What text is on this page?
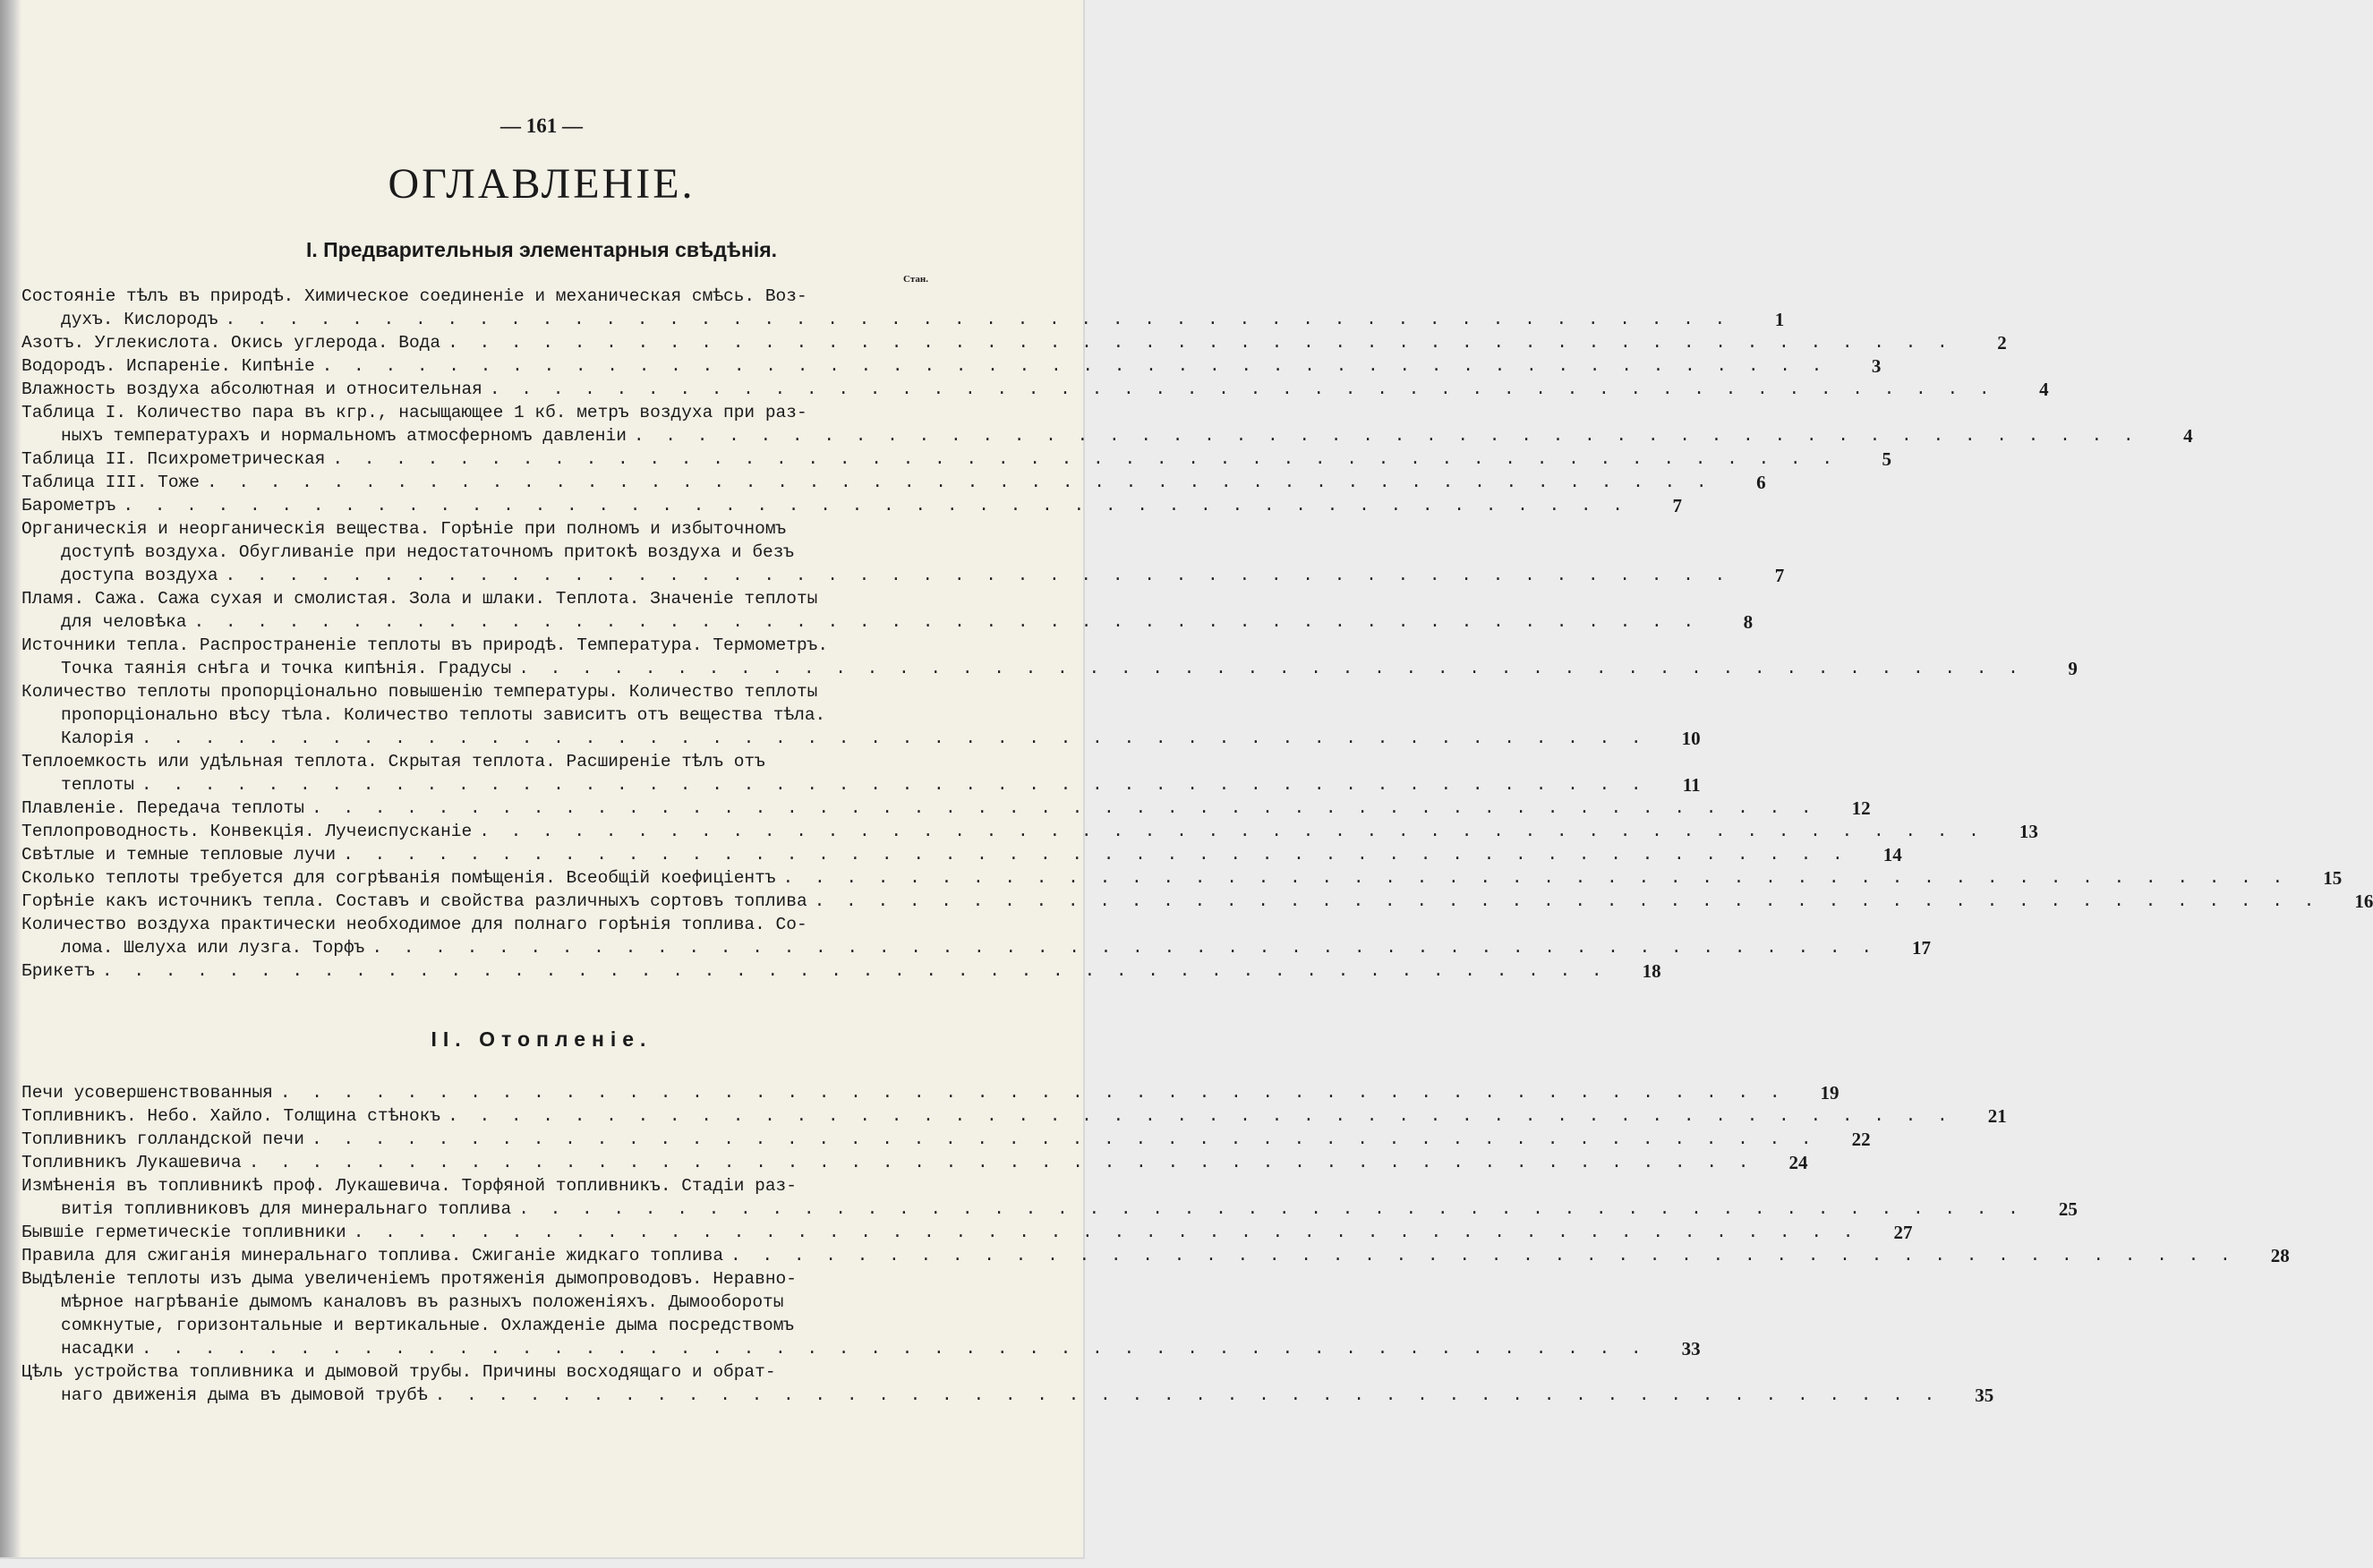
— 161 —
ОГЛАВЛЕНІЕ.
I. Предварительныя элементарныя свѣдѣнія.
Стан.
Состояніе тѣлъ въ природѣ. Химическое соединеніе и механическая смѣсь. Воз-
духъ. Кислородъ . . . . . . . . . . . . . . . . . . . . . . . . . . . . . . . . . . . . . . . . . . . . . . . .	1
Азотъ. Углекислота. Окись углерода. Вода . . . . . . . . . . . . . . . . . . . . . . . . . . . . . . . . . . . . . . . . . . . . . . . .	2
Водородъ. Испареніе. Кипѣніе . . . . . . . . . . . . . . . . . . . . . . . . . . . . . . . . . . . . . . . . . . . . . . . .	3
Влажность воздуха абсолютная и относительная . . . . . . . . . . . . . . . . . . . . . . . . . . . . . . . . . . . . . . . . . . . . . . . .	4
Таблица I. Количество пара въ кгр., насыщающее 1 кб. метръ воздуха при раз-
ныхъ температурахъ и нормальномъ атмосферномъ давленіи . . . . . . . . . . . . . . . . . . . . . . . . . . . . . . . . . . . . . . . . . . . . . . . .	4
Таблица II. Психрометрическая . . . . . . . . . . . . . . . . . . . . . . . . . . . . . . . . . . . . . . . . . . . . . . . .	5
Таблица III. Тоже . . . . . . . . . . . . . . . . . . . . . . . . . . . . . . . . . . . . . . . . . . . . . . . .	6
Барометръ . . . . . . . . . . . . . . . . . . . . . . . . . . . . . . . . . . . . . . . . . . . . . . . .	7
Органическія и неорганическія вещества. Горѣніе при полномъ и избыточномъ
доступѣ воздуха. Обугливаніе при недостаточномъ притокѣ воздуха и безъ
доступа воздуха . . . . . . . . . . . . . . . . . . . . . . . . . . . . . . . . . . . . . . . . . . . . . . . .	7
Пламя. Сажа. Сажа сухая и смолистая. Зола и шлаки. Теплота. Значеніе теплоты
для человѣка . . . . . . . . . . . . . . . . . . . . . . . . . . . . . . . . . . . . . . . . . . . . . . . .	8
Источники тепла. Распространеніе теплоты въ природѣ. Температура. Термометръ.
Точка таянія снѣга и точка кипѣнія. Градусы . . . . . . . . . . . . . . . . . . . . . . . . . . . . . . . . . . . . . . . . . . . . . . . .	9
Количество теплоты пропорціонально повышенію температуры. Количество теплоты
пропорціонально вѣсу тѣла. Количество теплоты зависитъ отъ вещества тѣла.
Калорія . . . . . . . . . . . . . . . . . . . . . . . . . . . . . . . . . . . . . . . . . . . . . . . .	10
Теплоемкость или удѣльная теплота. Скрытая теплота. Расширеніе тѣлъ отъ
теплоты . . . . . . . . . . . . . . . . . . . . . . . . . . . . . . . . . . . . . . . . . . . . . . . .	11
Плавленіе. Передача теплоты . . . . . . . . . . . . . . . . . . . . . . . . . . . . . . . . . . . . . . . . . . . . . . . .	12
Теплопроводность. Конвекція. Лучеиспусканіе . . . . . . . . . . . . . . . . . . . . . . . . . . . . . . . . . . . . . . . . . . . . . . . .	13
Свѣтлые и темные тепловые лучи . . . . . . . . . . . . . . . . . . . . . . . . . . . . . . . . . . . . . . . . . . . . . . . .	14
Сколько теплоты требуется для согрѣванія помѣщенія. Всеобщій коефиціентъ . . . . . . . . . . . . . . . . . . . . . . . . . . . . . . . . . . . . . . . . . . . . . . . .	15
Горѣніе какъ источникъ тепла. Составъ и свойства различныхъ сортовъ топлива . . . . . . . . . . . . . . . . . . . . . . . . . . . . . . . . . . . . . . . . . . . . . . . .	16
Количество воздуха практически необходимое для полнаго горѣнія топлива. Со-
лома. Шелуха или лузга. Торфъ . . . . . . . . . . . . . . . . . . . . . . . . . . . . . . . . . . . . . . . . . . . . . . . .	17
Брикетъ . . . . . . . . . . . . . . . . . . . . . . . . . . . . . . . . . . . . . . . . . . . . . . . .	18
II. Отопленіе.
Печи усовершенствованныя . . . . . . . . . . . . . . . . . . . . . . . . . . . . . . . . . . . . . . . . . . . . . . . .	19
Топливникъ. Небо. Хайло. Толщина стѣнокъ . . . . . . . . . . . . . . . . . . . . . . . . . . . . . . . . . . . . . . . . . . . . . . . .	21
Топливникъ голландской печи . . . . . . . . . . . . . . . . . . . . . . . . . . . . . . . . . . . . . . . . . . . . . . . .	22
Топливникъ Лукашевича . . . . . . . . . . . . . . . . . . . . . . . . . . . . . . . . . . . . . . . . . . . . . . . .	24
Измѣненія въ топливникѣ проф. Лукашевича. Торфяной топливникъ. Стадіи раз-
витія топливниковъ для минеральнаго топлива . . . . . . . . . . . . . . . . . . . . . . . . . . . . . . . . . . . . . . . . . . . . . . . .	25
Бывшіе герметическіе топливники . . . . . . . . . . . . . . . . . . . . . . . . . . . . . . . . . . . . . . . . . . . . . . . .	27
Правила для сжиганія минеральнаго топлива. Сжиганіе жидкаго топлива . . . . . . . . . . . . . . . . . . . . . . . . . . . . . . . . . . . . . . . . . . . . . . . .	28
Выдѣленіе теплоты изъ дыма увеличеніемъ протяженія дымопроводовъ. Неравно-
мѣрное нагрѣваніе дымомъ каналовъ въ разныхъ положеніяхъ. Дымообороты
сомкнутые, горизонтальные и вертикальные. Охлажденіе дыма посредствомъ
насадки . . . . . . . . . . . . . . . . . . . . . . . . . . . . . . . . . . . . . . . . . . . . . . . .	33
Цѣль устройства топливника и дымовой трубы. Причины восходящаго и обрат-
наго движенія дыма въ дымовой трубѣ . . . . . . . . . . . . . . . . . . . . . . . . . . . . . . . . . . . . . . . . . . . . . . . .	35
